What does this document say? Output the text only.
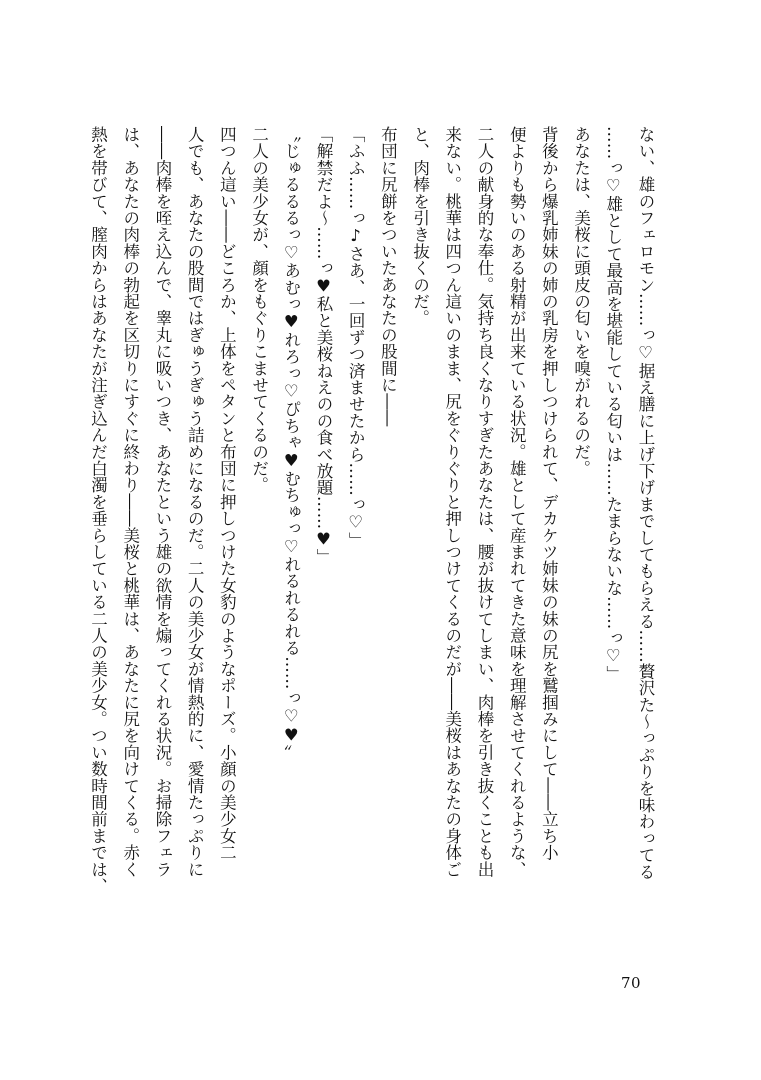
ない、雄のフェロモン……っ♡据え膳に上げ下げまでしてもらえる……贅沢た〜っぷりを味わってる
……っ♡雄として最高を堪能している匂いは……たまらないな……っ♡」
あなたは、美桜に頭皮の匂いを嗅がれるのだ。
背後から爆乳姉妹の姉の乳房を押しつけられて、デカケツ姉妹の妹の尻を鷲掴みにして――立ち小
便よりも勢いのある射精が出来ている状況。雄として産まれてきた意味を理解させてくれるような、
二人の献身的な奉仕。気持ち良くなりすぎたあなたは、腰が抜けてしまい、肉棒を引き抜くことも出
来ない。桃華は四つん這いのまま、尻をぐりぐりと押しつけてくるのだが――美桜はあなたの身体ご
と、肉棒を引き抜くのだ。
布団に尻餅をついたあなたの股間に――
「ふふ……っ♪さあ、一回ずつ済ませたから……っ♡」
「解禁だよ〜……っ♥私と美桜ねえのの食べ放題……♥」
〝じゅるるるっ♡あむっ♥れろっ♡ぴちゃ♥むちゅっ♡れるれるれる……っ♡♥〟
二人の美少女が、顔をもぐりこませてくるのだ。
四つん這い――どころか、上体をペタンと布団に押しつけた女豹のようなポーズ。小顔の美少女二
人でも、あなたの股間ではぎゅうぎゅう詰めになるのだ。二人の美少女が情熱的に、愛情たっぷりに
――肉棒を咥え込んで、睾丸に吸いつき、あなたという雄の欲情を煽ってくれる状況。お掃除フェラ
は、あなたの肉棒の勃起を区切りにすぐに終わり――美桜と桃華は、あなたに尻を向けてくる。赤く
熱を帯びて、膣肉からはあなたが注ぎ込んだ白濁を垂らしている二人の美少女。つい数時間前までは、
70
